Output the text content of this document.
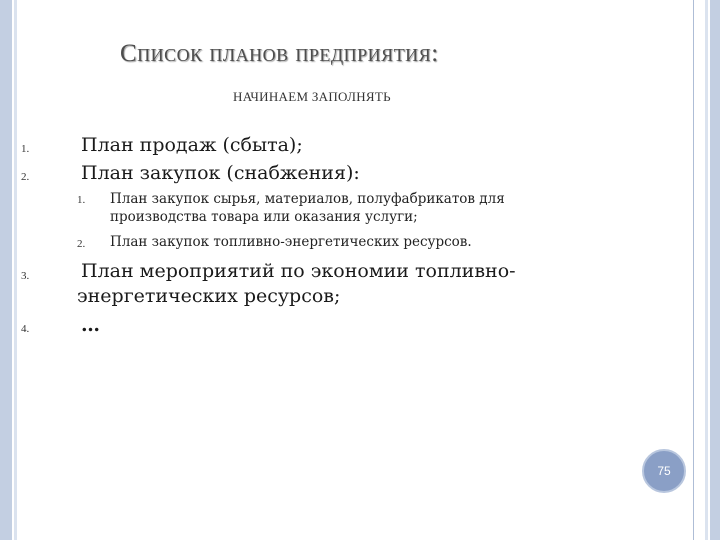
Список планов предприятия:
НАЧИНАЕМ ЗАПОЛНЯТЬ
1.	План продаж (сбыта);
2.	План закупок (снабжения):
1. План закупок сырья, материалов, полуфабрикатов для
производства товара или оказания услуги;
2. План закупок топливно-энергетических ресурсов.
3.	План мероприятий по экономии топливно-
энергетических ресурсов;
4.	…
75
